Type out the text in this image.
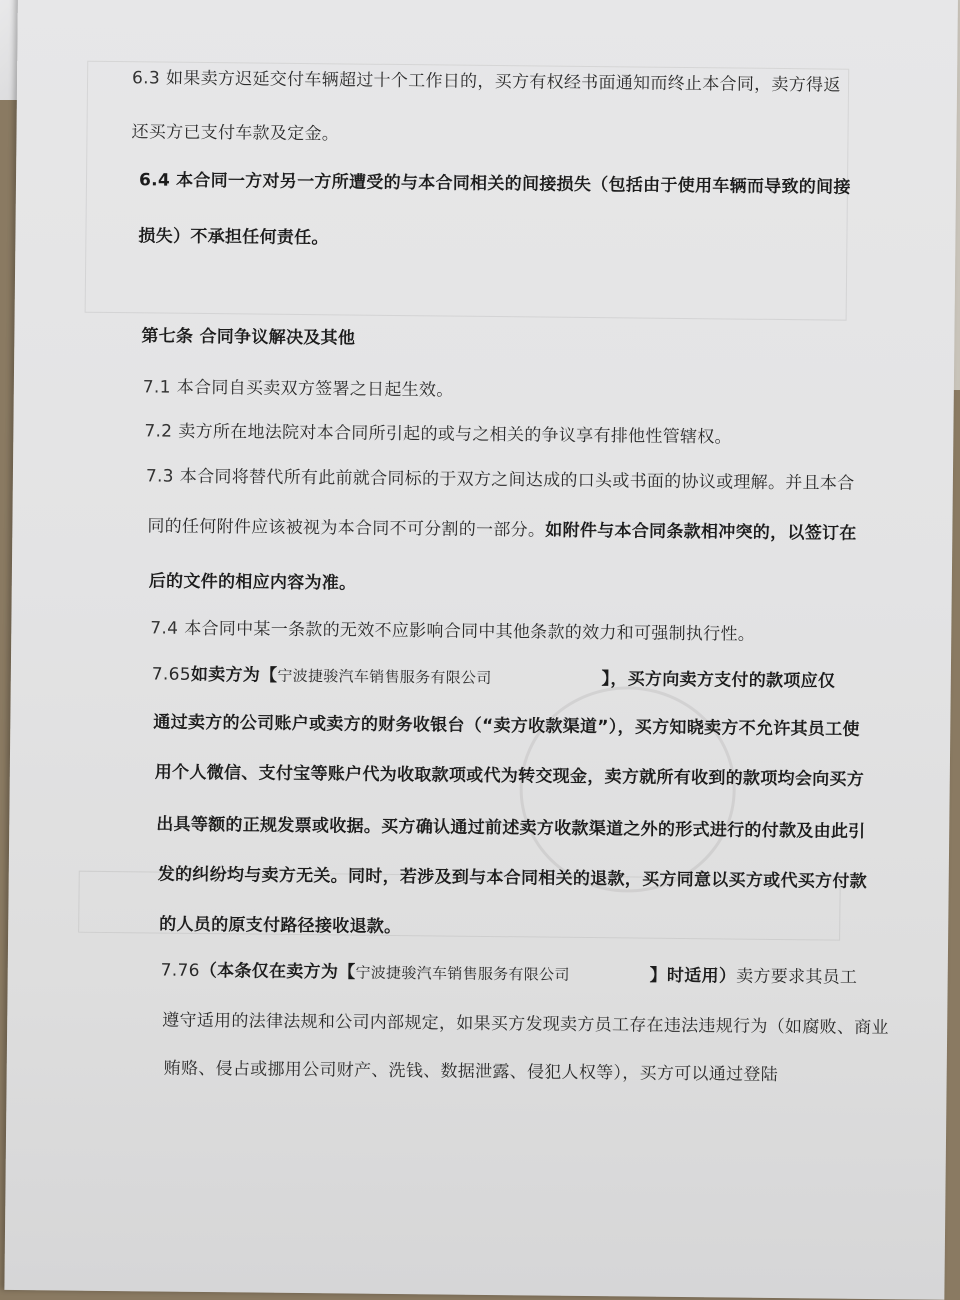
6.3 如果卖方迟延交付车辆超过十个工作日的，买方有权经书面通知而终止本合同，卖方得返
还买方已支付车款及定金。
6.4 本合同一方对另一方所遭受的与本合同相关的间接损失（包括由于使用车辆而导致的间接
损失）不承担任何责任。
第七条 合同争议解决及其他
7.1 本合同自买卖双方签署之日起生效。
7.2 卖方所在地法院对本合同所引起的或与之相关的争议享有排他性管辖权。
7.3 本合同将替代所有此前就合同标的于双方之间达成的口头或书面的协议或理解。并且本合
同的任何附件应该被视为本合同不可分割的一部分。如附件与本合同条款相冲突的，以签订在
后的文件的相应内容为准。
7.4 本合同中某一条款的无效不应影响合同中其他条款的效力和可强制执行性。
7.65如卖方为【宁波捷骏汽车销售服务有限公司	】，买方向卖方支付的款项应仅
通过卖方的公司账户或卖方的财务收银台（“卖方收款渠道”），买方知晓卖方不允许其员工使
用个人微信、支付宝等账户代为收取款项或代为转交现金，卖方就所有收到的款项均会向买方
出具等额的正规发票或收据。买方确认通过前述卖方收款渠道之外的形式进行的付款及由此引
发的纠纷均与卖方无关。同时，若涉及到与本合同相关的退款，买方同意以买方或代买方付款
的人员的原支付路径接收退款。
7.76（本条仅在卖方为【宁波捷骏汽车销售服务有限公司	】时适用）卖方要求其员工
遵守适用的法律法规和公司内部规定，如果买方发现卖方员工存在违法违规行为（如腐败、商业
贿赂、侵占或挪用公司财产、洗钱、数据泄露、侵犯人权等），买方可以通过登陆
